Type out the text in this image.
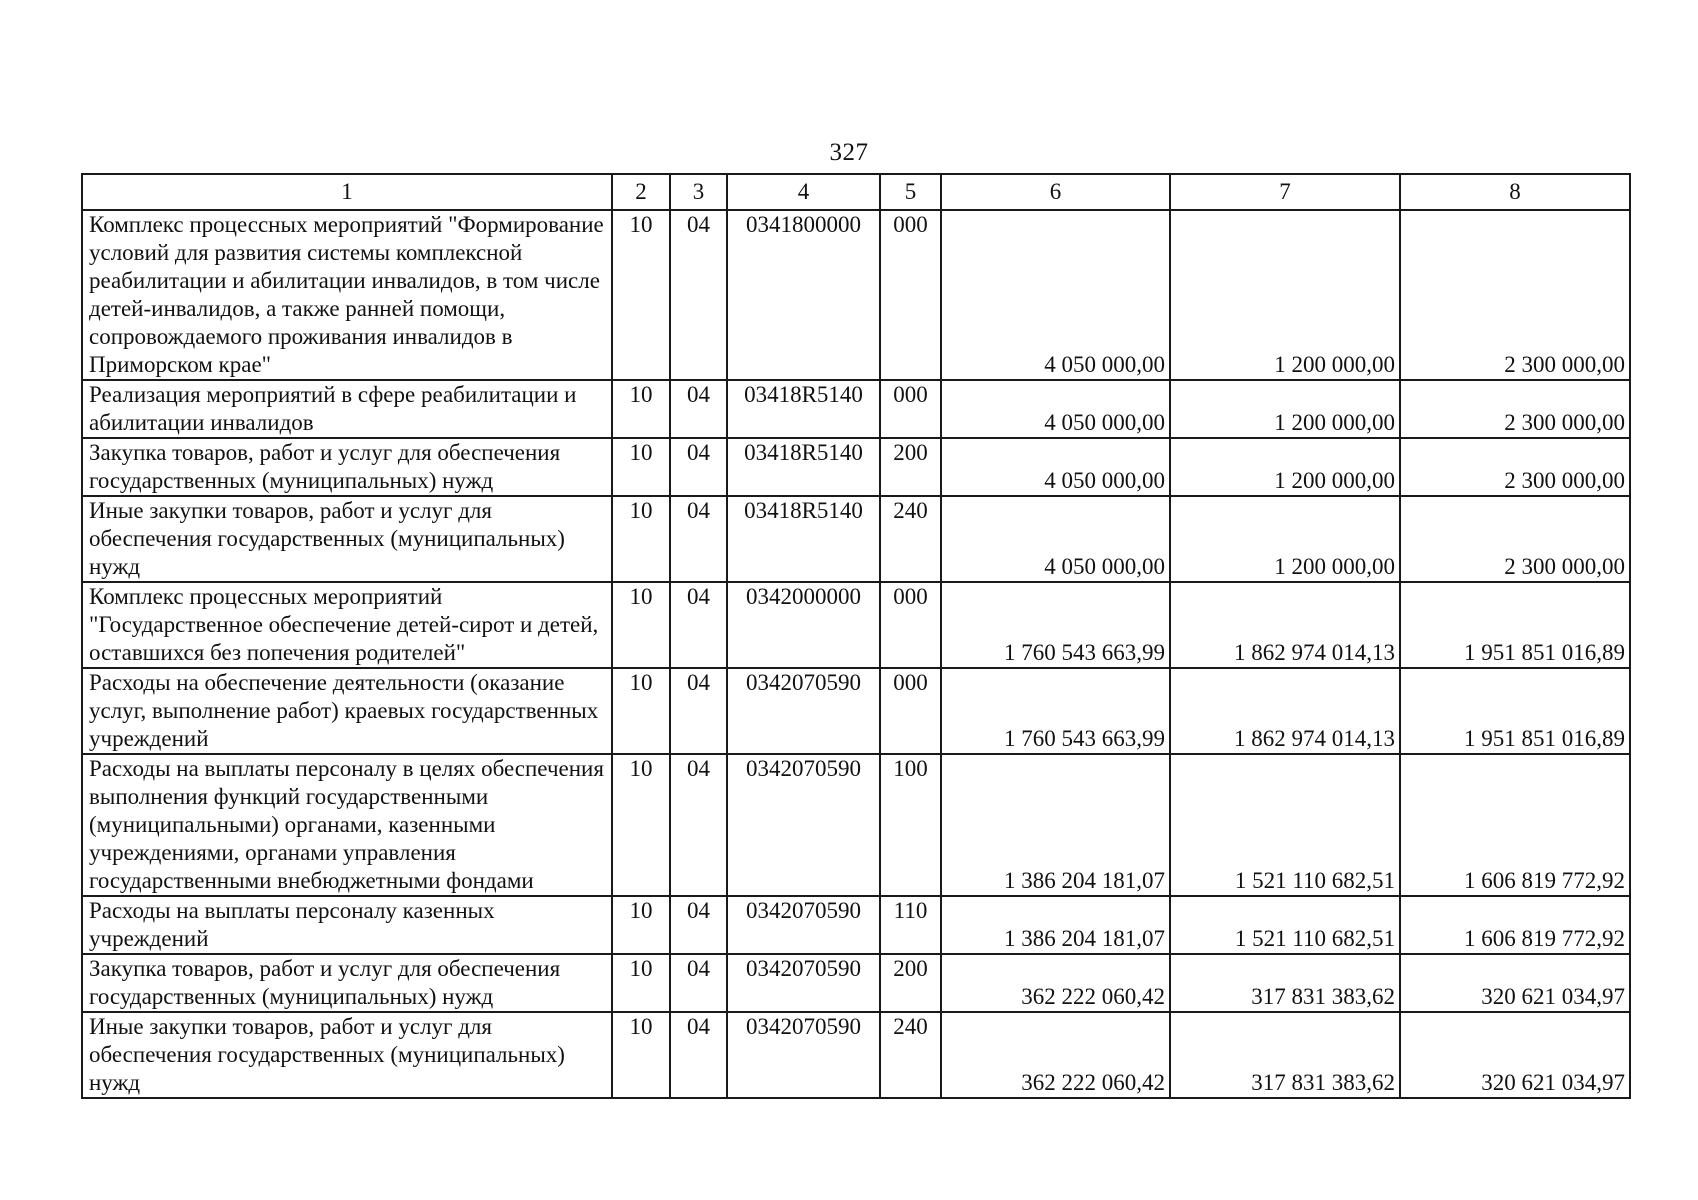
327
1	2	3	4	5	6	7	8
Комплекс процессных мероприятий "Формирование условий для развития системы комплексной реабилитации и абилитации инвалидов, в том числе детей-инвалидов, а также ранней помощи, сопровождаемого проживания инвалидов в Приморском крае"	10	04	0341800000	000	4 050 000,00	1 200 000,00	2 300 000,00
Реализация мероприятий в сфере реабилитации и абилитации инвалидов	10	04	03418R5140	000	4 050 000,00	1 200 000,00	2 300 000,00
Закупка товаров, работ и услуг для обеспечения государственных (муниципальных) нужд	10	04	03418R5140	200	4 050 000,00	1 200 000,00	2 300 000,00
Иные закупки товаров, работ и услуг для обеспечения государственных (муниципальных) нужд	10	04	03418R5140	240	4 050 000,00	1 200 000,00	2 300 000,00
Комплекс процессных мероприятий "Государственное обеспечение детей-сирот и детей, оставшихся без попечения родителей"	10	04	0342000000	000	1 760 543 663,99	1 862 974 014,13	1 951 851 016,89
Расходы на обеспечение деятельности (оказание услуг, выполнение работ) краевых государственных учреждений	10	04	0342070590	000	1 760 543 663,99	1 862 974 014,13	1 951 851 016,89
Расходы на выплаты персоналу в целях обеспечения выполнения функций государственными (муниципальными) органами, казенными учреждениями, органами управления государственными внебюджетными фондами	10	04	0342070590	100	1 386 204 181,07	1 521 110 682,51	1 606 819 772,92
Расходы на выплаты персоналу казенных учреждений	10	04	0342070590	110	1 386 204 181,07	1 521 110 682,51	1 606 819 772,92
Закупка товаров, работ и услуг для обеспечения государственных (муниципальных) нужд	10	04	0342070590	200	362 222 060,42	317 831 383,62	320 621 034,97
Иные закупки товаров, работ и услуг для обеспечения государственных (муниципальных) нужд	10	04	0342070590	240	362 222 060,42	317 831 383,62	320 621 034,97
